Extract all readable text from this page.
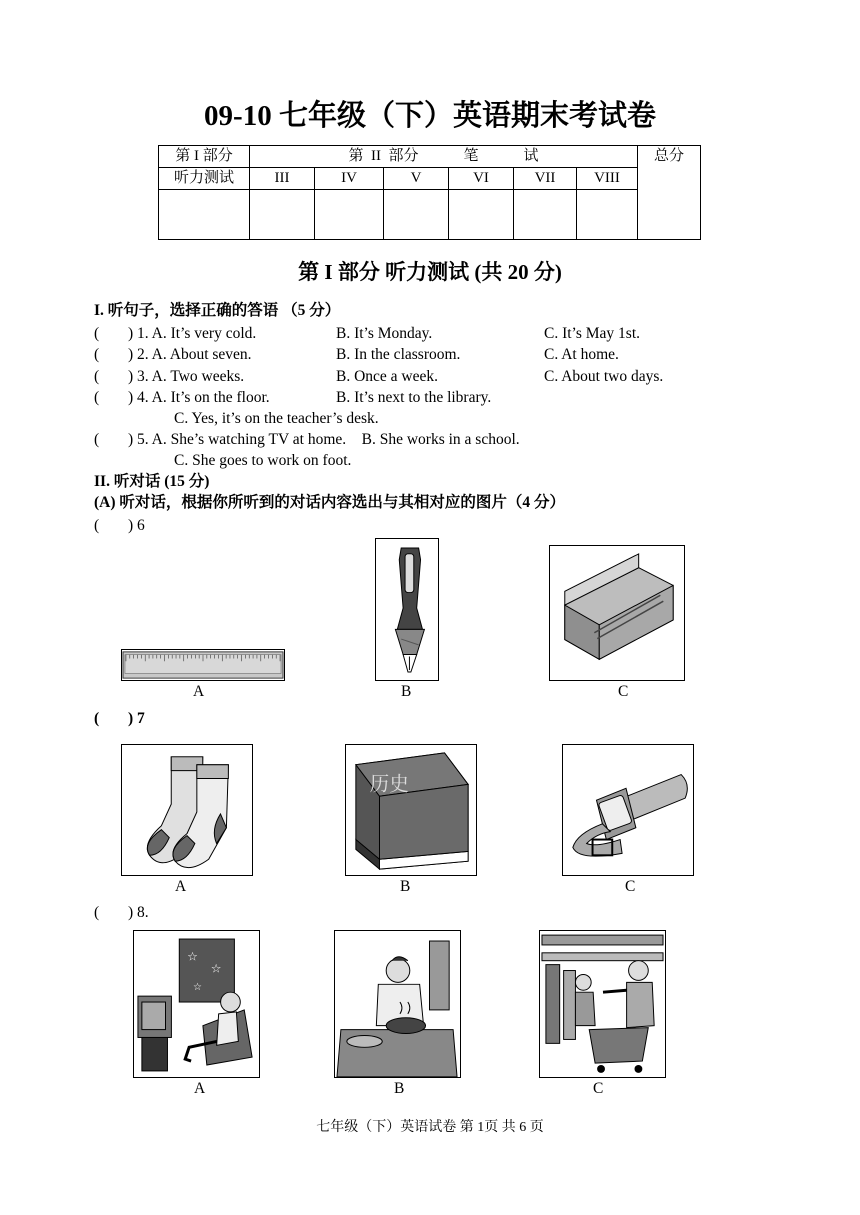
09-10 七年级（下）英语期末考试卷
第 I 部分	第  II  部分            笔            试						总分
听力测试	III	IV	V	VI	VII	VIII	

第 I 部分 听力测试 (共 20 分)
I. 听句子，选择正确的答语 （5 分）
( ) 1. A. It’s very cold.	B. It’s Monday.	C. It’s May 1st.
( ) 2. A. About seven.	B. In the classroom.	C. At home.
( ) 3. A. Two weeks.	B. Once a week.	C. About two days.
( ) 4. A. It’s on the floor.	B. It’s next to the library.
C. Yes, it’s on the teacher’s desk.
( ) 5. A. She’s watching TV at home.    B. She works in a school.
C. She goes to work on foot.
II. 听对话 (15 分)
(A) 听对话，根据你所听到的对话内容选出与其相对应的图片（4 分）
( ) 6
A	B	C
( ) 7
A
历史
B	C
( ) 8.
☆
☆
☆
A	B	C
七年级（下）英语试卷 第 1页 共 6 页
